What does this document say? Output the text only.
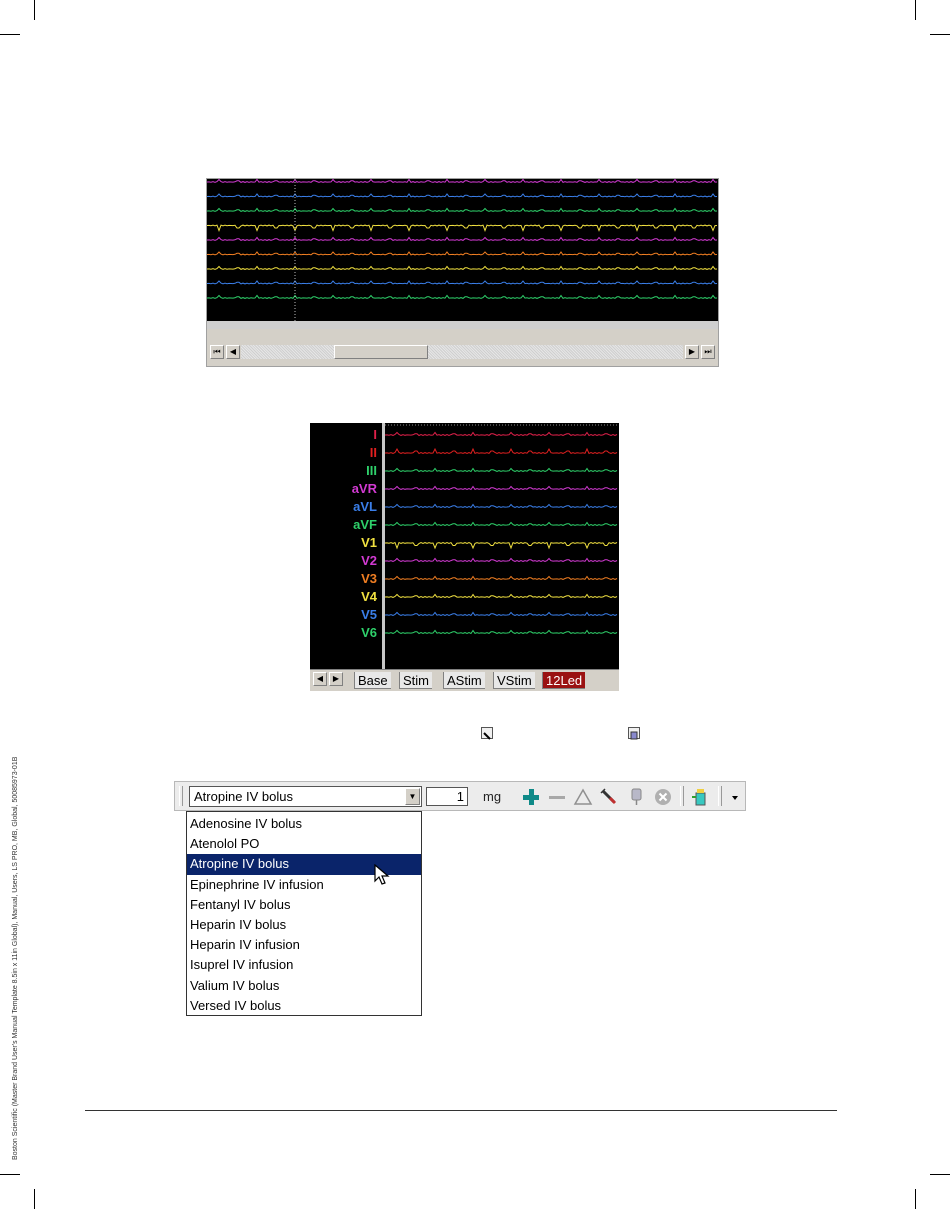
⏮	◀	▶	⏭
I
II
III
aVR
aVL
aVF
V1
V2
V3
V4
V5
V6
◀	▶	Base	Stim	AStim	VStim	12Led
Atropine IV bolus	▼	1	mg
Adenosine IV bolus
Atenolol PO
Atropine IV bolus
Epinephrine IV infusion
Fentanyl IV bolus
Heparin IV bolus
Heparin IV infusion
Isuprel IV infusion
Valium IV bolus
Versed IV bolus
Boston Scientific (Master Brand User's Manual Template 8.5in x 11in Global), Manual, Users, LS PRO, MB, Global, 50085973-01B
